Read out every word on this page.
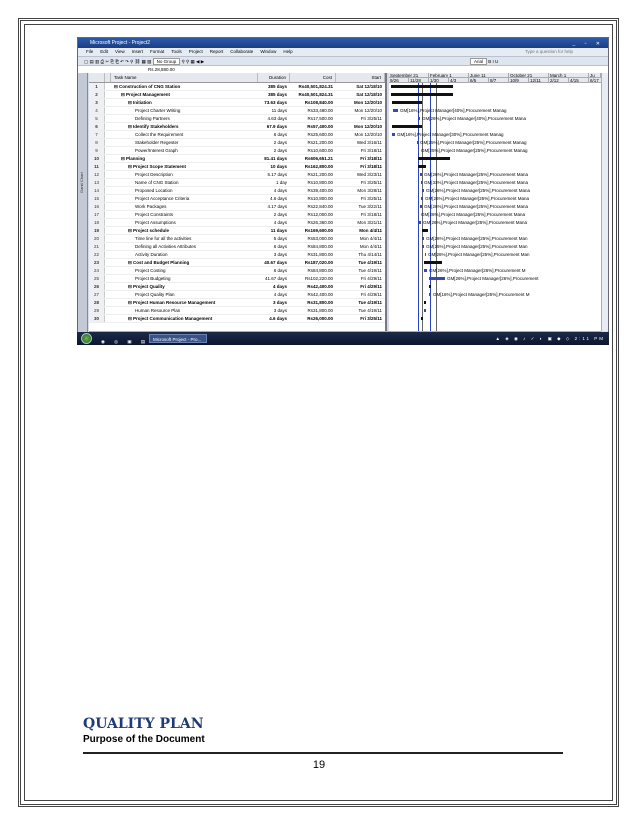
Microsoft Project - Project2	_ ▫ ✕
File Edit View Insert Format Tools Project Report Collaborate Window Help	Type a question for help
▢ ▤ ▥ ⎙ ✂ ⎘ ⎗ ↶ ↷ ⚲ ⛓ ▦ ▧ No Group ⚲ ⚲ ▦ ◀ ▶	Arial B I U
Rs.28,880.00
Gantt Chart
Task Name	Duration	Cost	Start
1	⊟ Construction of CNG Station	385 days	Rs40,501,824.31	Sat 12/18/10
2	⊟ Project Management	385 days	Rs40,501,824.31	Sat 12/18/10
3	⊟ Initiation	73.63 days	Rs108,840.00	Mon 12/20/10
4	Project Charter Writing	11 days	Rs33,480.00	Mon 12/20/10
5	Defining Partners	4.63 days	Rs17,500.00	Fri 3/25/11
6	⊟ Identify Stakeholders	67.9 days	Rs57,400.00	Mon 12/20/10
7	Collect the Requirement	6 days	Rs25,600.00	Mon 12/20/10
8	Stakeholder Regester	2 days	Rs21,200.00	Wed 3/16/11
9	Power/Interest Graph	2 days	Rs10,600.00	Fri 3/18/11
10	⊟ Planning	81.41 days	Rs606,651.21	Fri 3/18/11
11	⊟ Project Scope Statement	10 days	Rs162,800.00	Fri 3/18/11
12	Project Description	5.17 days	Rs21,200.00	Wed 3/23/11
13	Name of CNG Station	1 day	Rs10,800.00	Fri 3/25/11
14	Proposed Location	4 days	Rs39,400.00	Mon 3/28/11
15	Project Acceptance Criteria	4.6 days	Rs10,800.00	Fri 3/25/11
16	Work Packages	4.17 days	Rs22,840.00	Tue 3/22/11
17	Project Constraints	2 days	Rs12,000.00	Fri 3/18/11
18	Project Assumptions	4 days	Rs26,360.00	Mon 3/21/11
19	⊟ Project schedule	11 days	Rs169,600.00	Mon 4/4/11
20	Time line for all the activities	5 days	Rs53,000.00	Mon 4/4/11
21	Defining all Activities Attributes	6 days	Rs84,800.00	Mon 4/4/11
22	Activity Duration	3 days	Rs31,800.00	Thu 4/14/11
23	⊟ Cost and Budget Planning	40.67 days	Rs187,020.00	Tue 4/19/11
24	Project Costing	6 days	Rs84,800.00	Tue 4/19/11
25	Project Budgeting	41.67 days	Rs102,220.00	Fri 4/29/11
26	⊟ Project Quality	4 days	Rs42,400.00	Fri 4/29/11
27	Project Quality Plan	4 days	Rs42,400.00	Fri 4/29/11
28	⊟ Project Human Resource Management	3 days	Rs31,800.00	Tue 4/19/11
29	Human Resource Plan	3 days	Rs31,800.00	Tue 4/19/11
30	⊟ Project Communication Management	4.6 days	Rs26,000.00	Fri 3/25/11
September 21	February 1	June 11	October 21	March 1	Ju
9/26	11/28	1/30	4/3	6/5	8/7	10/9	12/11	2/12	4/15	6/17
GM[16%],Project Manager[40%],Procurement Manag
GM[26%],Project Manager[40%],Procurement Mana
GM[16%],Project Manager[30%],Procurement Manag
GM[25%],Project Manager[25%],Procurement Manag
GM[25%],Project Manager[25%],Procurement Manag
GM[26%],Project Manager[25%],Procurement Mana
GM[33%],Project Manager[25%],Procurement Mana
GM[26%],Project Manager[25%],Procurement Mana
GM[26%],Project Manager[25%],Procurement Mana
GM[26%],Project Manager[25%],Procurement Mana
GM[26%],Project Manager[25%],Procurement Mana
GM[26%],Project Manager[25%],Procurement Mana
GM[26%],Project Manager[25%],Procurement Man
GM[25%],Project Manager[25%],Procurement Man
GM[26%],Project Manager[25%],Procurement Man
GM[26%],Project Manager[26%],Procurement M
GM[26%],Project Manager[26%],Procurement
GM[16%],Project Manager[25%],Procurement M
◉ ◎ ▣ ▤ Microsoft Project - Pro...	▲ ◈ ◉ ♪ ✓ ◐ ▣ ◆ ◇ 2:11 PM
QUALITY PLAN
Purpose of the Document
19
